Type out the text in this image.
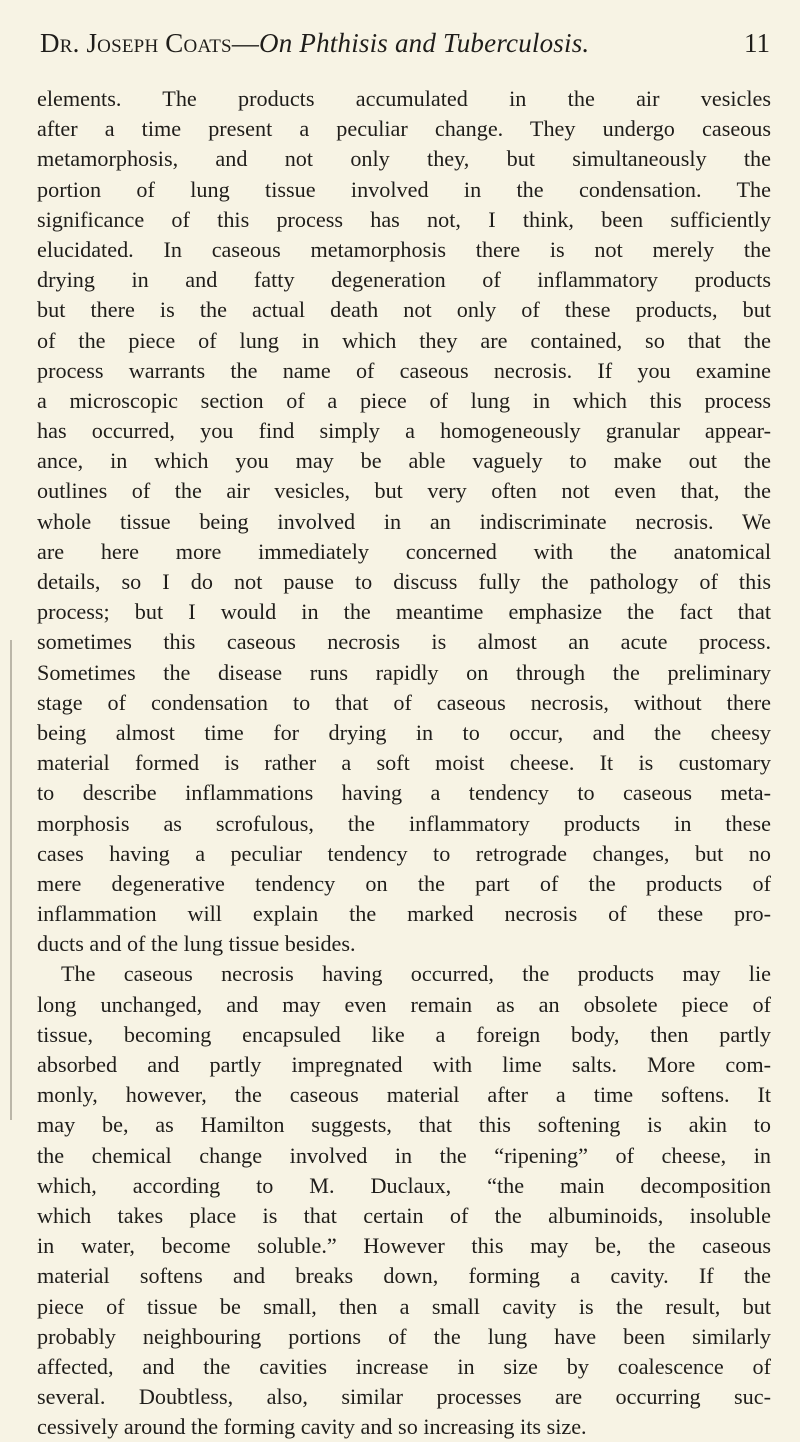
Dr. Joseph Coats—On Phthisis and Tuberculosis.	11
elements. The products accumulated in the air vesicles
after a time present a peculiar change. They undergo caseous
metamorphosis, and not only they, but simultaneously the
portion of lung tissue involved in the condensation. The
significance of this process has not, I think, been sufficiently
elucidated. In caseous metamorphosis there is not merely the
drying in and fatty degeneration of inflammatory products
but there is the actual death not only of these products, but
of the piece of lung in which they are contained, so that the
process warrants the name of caseous necrosis. If you examine
a microscopic section of a piece of lung in which this process
has occurred, you find simply a homogeneously granular appear-
ance, in which you may be able vaguely to make out the
outlines of the air vesicles, but very often not even that, the
whole tissue being involved in an indiscriminate necrosis. We
are here more immediately concerned with the anatomical
details, so I do not pause to discuss fully the pathology of this
process; but I would in the meantime emphasize the fact that
sometimes this caseous necrosis is almost an acute process.
Sometimes the disease runs rapidly on through the preliminary
stage of condensation to that of caseous necrosis, without there
being almost time for drying in to occur, and the cheesy
material formed is rather a soft moist cheese. It is customary
to describe inflammations having a tendency to caseous meta-
morphosis as scrofulous, the inflammatory products in these
cases having a peculiar tendency to retrograde changes, but no
mere degenerative tendency on the part of the products of
inflammation will explain the marked necrosis of these pro-
ducts and of the lung tissue besides.
The caseous necrosis having occurred, the products may lie
long unchanged, and may even remain as an obsolete piece of
tissue, becoming encapsuled like a foreign body, then partly
absorbed and partly impregnated with lime salts. More com-
monly, however, the caseous material after a time softens. It
may be, as Hamilton suggests, that this softening is akin to
the chemical change involved in the “ripening” of cheese, in
which, according to M. Duclaux, “the main decomposition
which takes place is that certain of the albuminoids, insoluble
in water, become soluble.” However this may be, the caseous
material softens and breaks down, forming a cavity. If the
piece of tissue be small, then a small cavity is the result, but
probably neighbouring portions of the lung have been similarly
affected, and the cavities increase in size by coalescence of
several. Doubtless, also, similar processes are occurring suc-
cessively around the forming cavity and so increasing its size.
